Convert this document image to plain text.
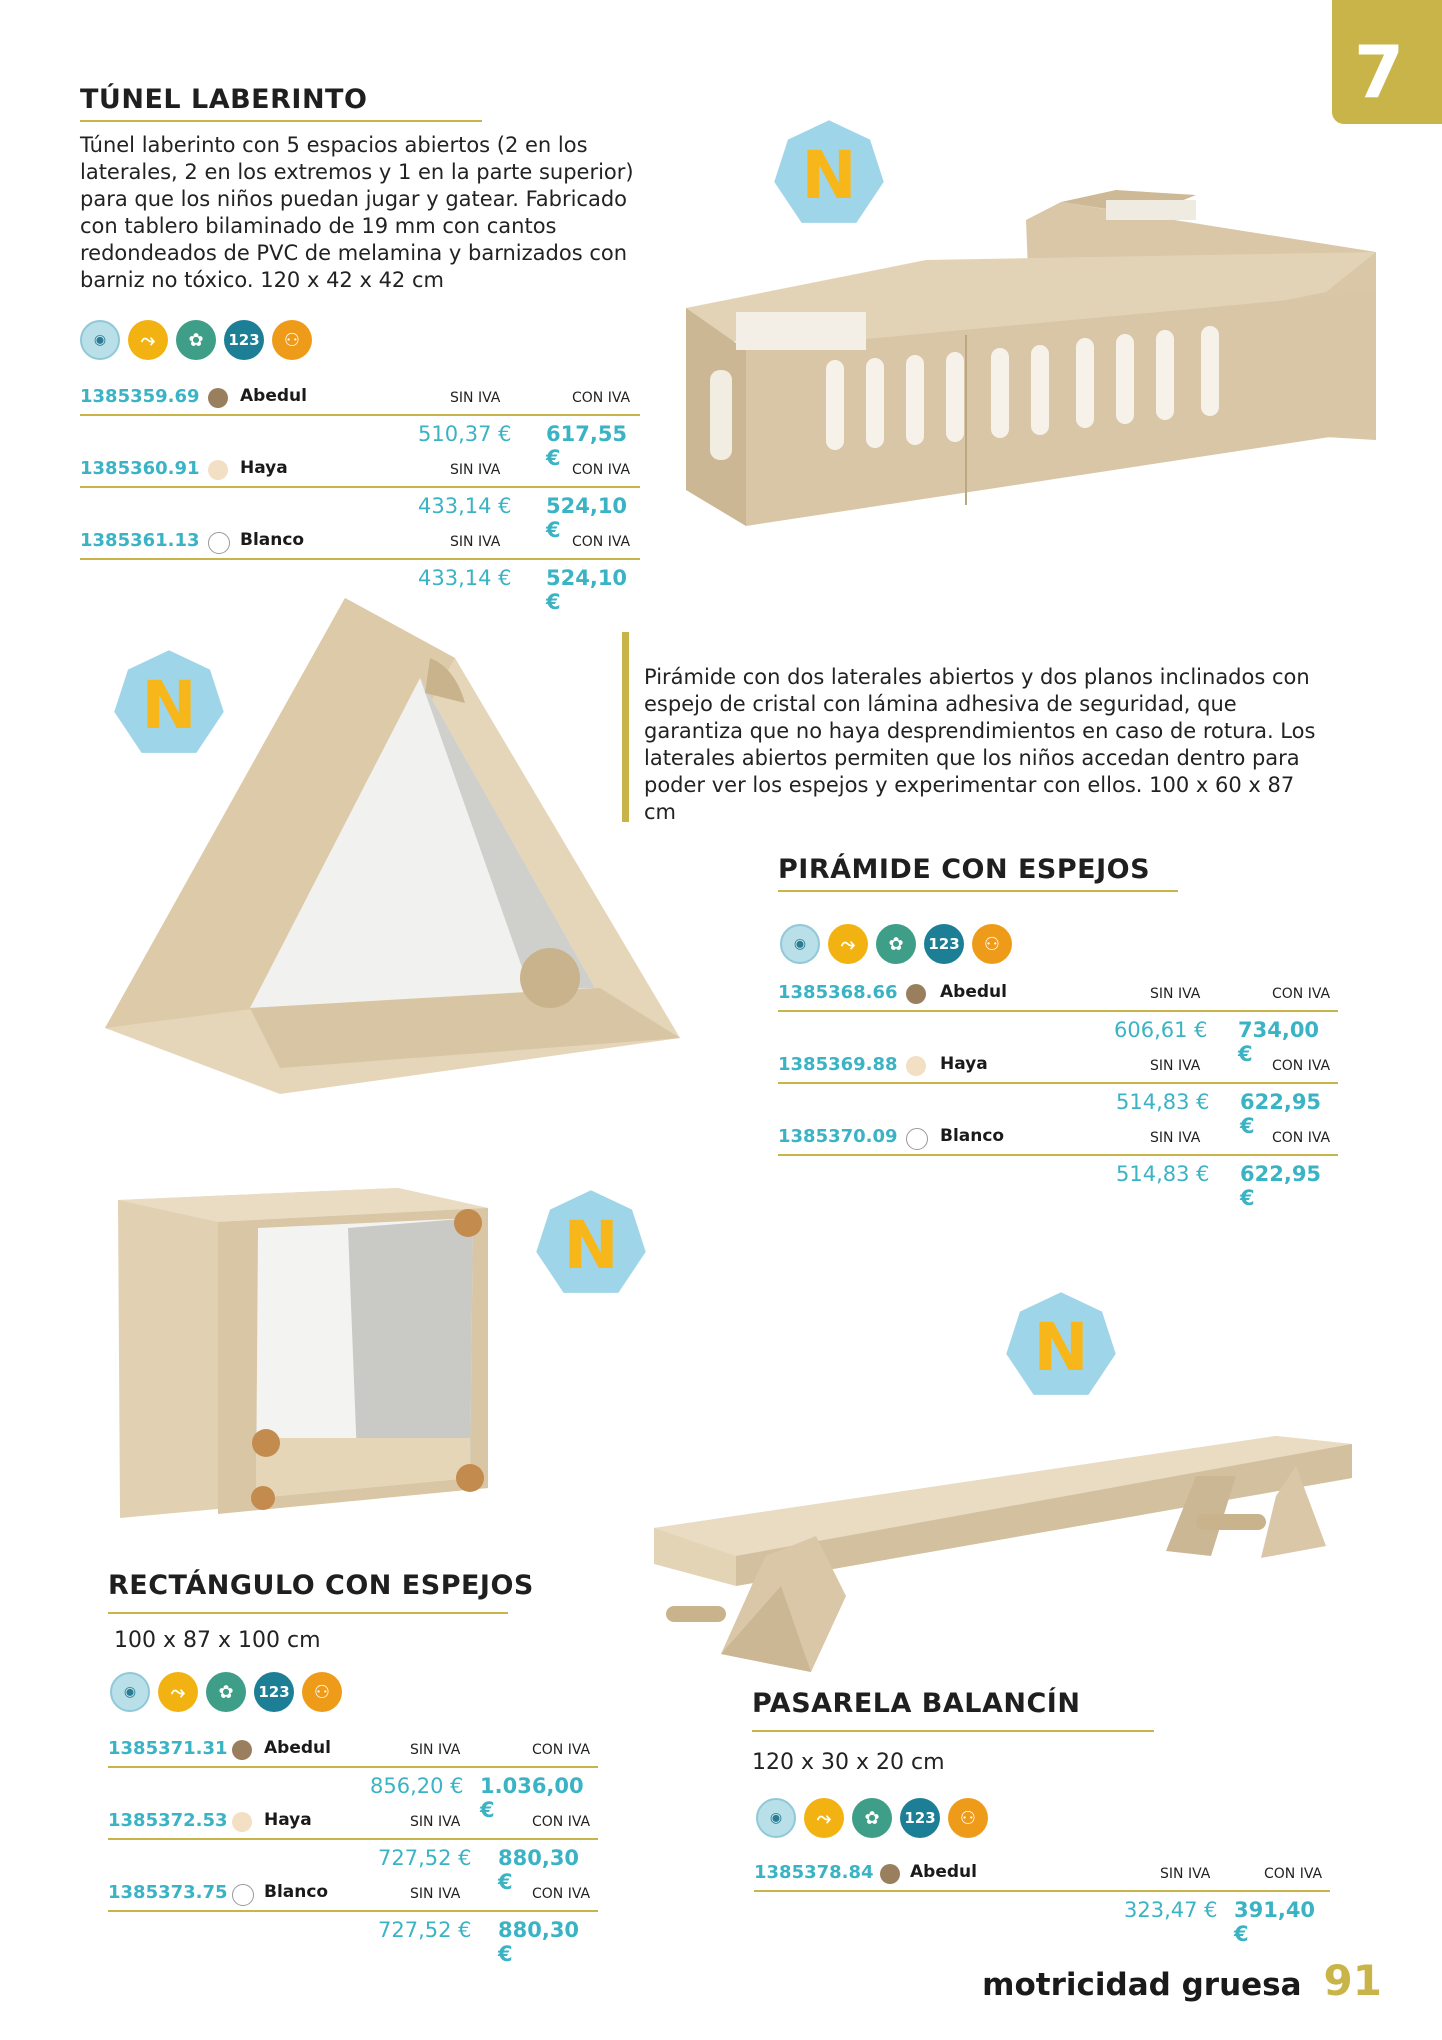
7
TÚNEL LABERINTO

Túnel laberinto con 5 espacios abiertos (2 en los laterales, 2 en los extremos y 1 en la parte superior) para que los niños puedan jugar y gatear. Fabricado con tablero bilaminado de 19 mm con cantos redondeados de PVC de melamina y barnizados con barniz no tóxico. 120 x 42 x 42 cm

◉	⤳	✿	123	⚇
1385359.69 Abedul	SIN IVA	CON IVA
510,37 € 617,55 €
1385360.91 Haya	SIN IVA	CON IVA
433,14 € 524,10 €
1385361.13 Blanco	SIN IVA	CON IVA
433,14 € 524,10 €
N
N	Pirámide con dos laterales abiertos y dos planos inclinados con espejo de cristal con lámina adhesiva de seguridad, que garantiza que no haya desprendimientos en caso de rotura. Los laterales abiertos permiten que los niños accedan dentro para poder ver los espejos y experimentar con ellos. 100 x 60 x 87 cm

PIRÁMIDE CON ESPEJOS
◉	⤳	✿	123	⚇
1385368.66 Abedul	SIN IVA	CON IVA
606,61 € 734,00 €
1385369.88 Haya	SIN IVA	CON IVA
514,83 € 622,95 €
1385370.09 Blanco	SIN IVA	CON IVA
514,83 € 622,95 €
N
RECTÁNGULO CON ESPEJOS
100 x 87 x 100 cm
◉	⤳	✿	123	⚇
1385371.31 Abedul	SIN IVA	CON IVA
856,20 € 1.036,00 €
1385372.53 Haya	SIN IVA	CON IVA
727,52 € 880,30 €
1385373.75 Blanco	SIN IVA	CON IVA
727,52 € 880,30 €
N
PASARELA BALANCÍN
120 x 30 x 20 cm
◉	⤳	✿	123	⚇
1385378.84 Abedul	SIN IVA	CON IVA
323,47 € 391,40 €
motricidad gruesa 91
